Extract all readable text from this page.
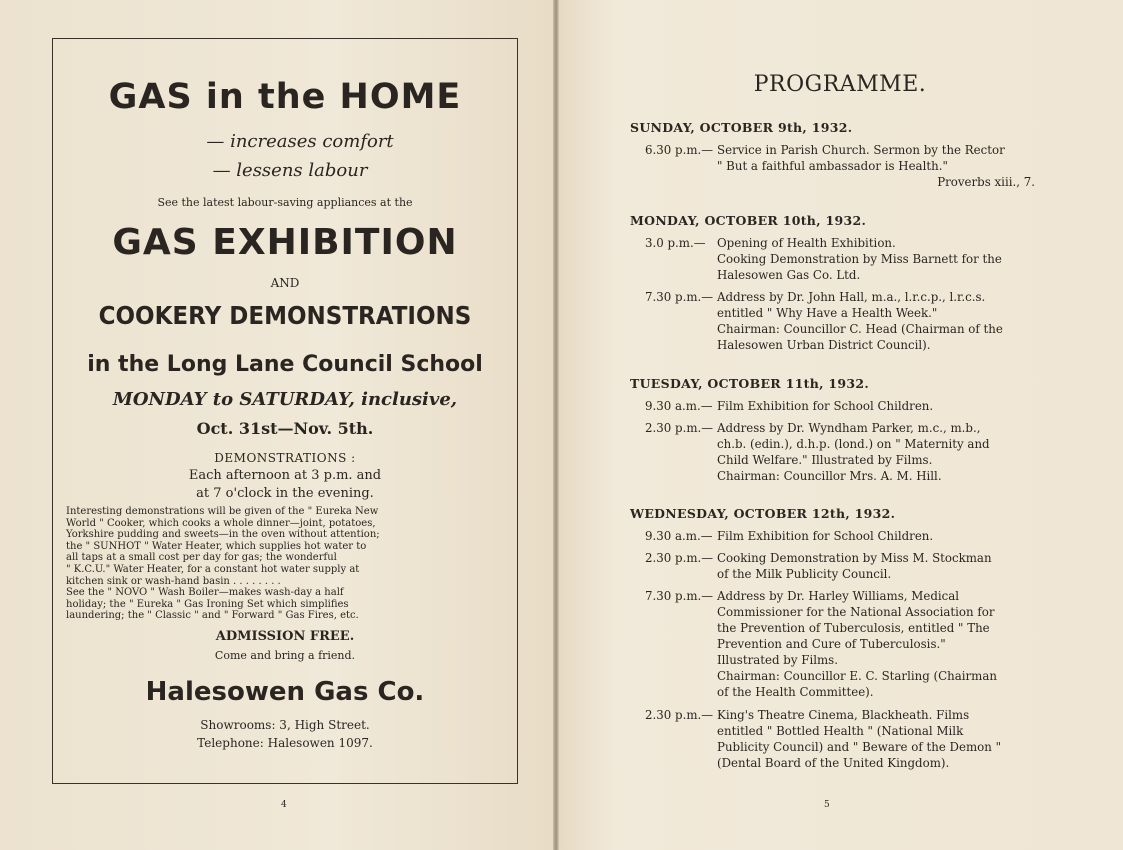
GAS in the HOME
— increases comfort
— lessens labour
See the latest labour-saving appliances at the
GAS EXHIBITION
AND
COOKERY DEMONSTRATIONS
in the Long Lane Council School
MONDAY to SATURDAY, inclusive,
Oct. 31st—Nov. 5th.
DEMONSTRATIONS :
Each afternoon at 3 p.m. and
at 7 o'clock in the evening.
ADMISSION FREE.
Come and bring a friend.
Halesowen Gas Co.
Showrooms: 3, High Street.
Telephone: Halesowen 1097.
Interesting demonstrations will be given of the " Eureka New
World " Cooker, which cooks a whole dinner—joint, potatoes,
Yorkshire pudding and sweets—in the oven without attention;
the " SUNHOT " Water Heater, which supplies hot water to
all taps at a small cost per day for gas; the wonderful
" K.C.U." Water Heater, for a constant hot water supply at
kitchen sink or wash-hand basin . . . . . . . .
See the " NOVO " Wash Boiler—makes wash-day a half
holiday; the " Eureka " Gas Ironing Set which simplifies
laundering; the " Classic " and " Forward " Gas Fires, etc.
4
PROGRAMME.
SUNDAY, OCTOBER 9th, 1932.
6.30 p.m.— Service in Parish Church. Sermon by the Rector
" But a faithful ambassador is Health."
Proverbs xiii., 7.
MONDAY, OCTOBER 10th, 1932.
3.0 p.m.— Opening of Health Exhibition.
Cooking Demonstration by Miss Barnett for the
Halesowen Gas Co. Ltd.
7.30 p.m.— Address by Dr. John Hall, m.a., l.r.c.p., l.r.c.s.
entitled " Why Have a Health Week."
Chairman: Councillor C. Head (Chairman of the
Halesowen Urban District Council).
TUESDAY, OCTOBER 11th, 1932.
9.30 a.m.— Film Exhibition for School Children.
2.30 p.m.— Address by Dr. Wyndham Parker, m.c., m.b.,
ch.b. (edin.), d.h.p. (lond.) on " Maternity and
Child Welfare." Illustrated by Films.
Chairman: Councillor Mrs. A. M. Hill.
WEDNESDAY, OCTOBER 12th, 1932.
9.30 a.m.— Film Exhibition for School Children.
2.30 p.m.— Cooking Demonstration by Miss M. Stockman
of the Milk Publicity Council.
7.30 p.m.— Address by Dr. Harley Williams, Medical
Commissioner for the National Association for
the Prevention of Tuberculosis, entitled " The
Prevention and Cure of Tuberculosis."
Illustrated by Films.
Chairman: Councillor E. C. Starling (Chairman
of the Health Committee).
2.30 p.m.— King's Theatre Cinema, Blackheath. Films
entitled " Bottled Health " (National Milk
Publicity Council) and " Beware of the Demon "
(Dental Board of the United Kingdom).
5
